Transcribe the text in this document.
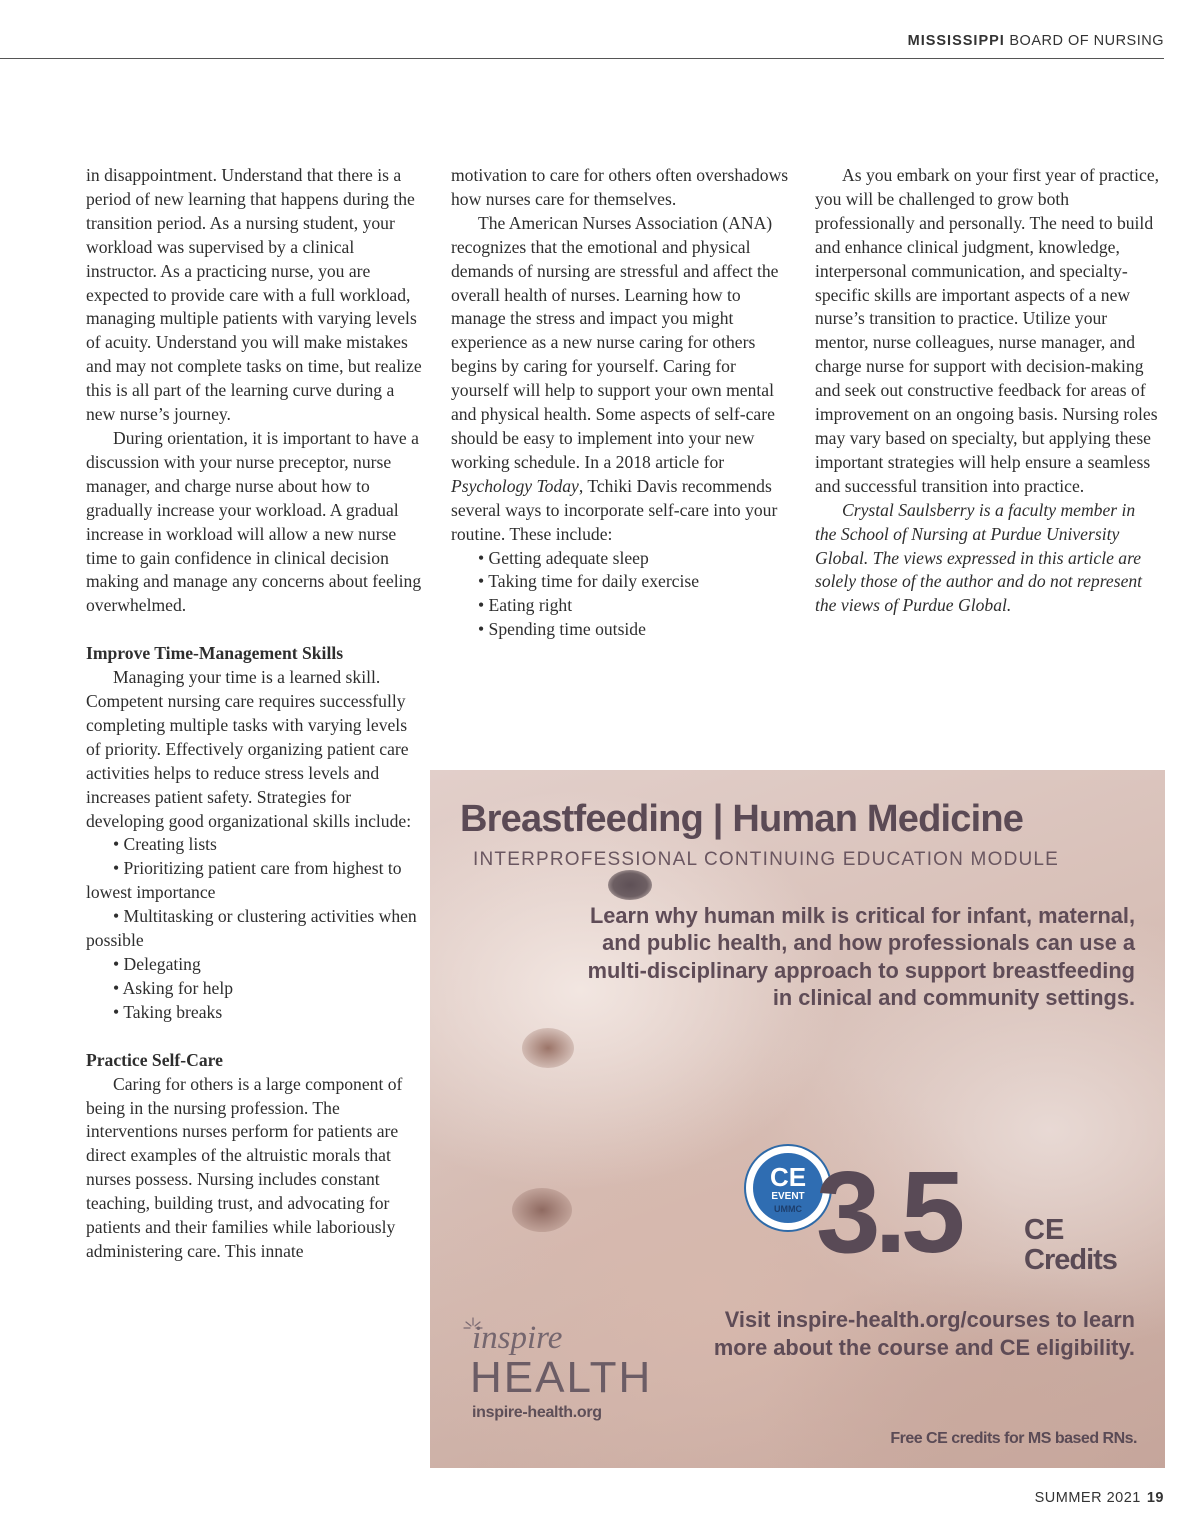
MISSISSIPPI BOARD OF NURSING

in disappointment. Understand that there is a period of new learning that happens during the transition period. As a nursing student, your workload was supervised by a clinical instructor. As a practicing nurse, you are expected to provide care with a full workload, managing multiple patients with varying levels of acuity. Understand you will make mistakes and may not complete tasks on time, but realize this is all part of the learning curve during a new nurse’s journey.

During orientation, it is important to have a discussion with your nurse preceptor, nurse manager, and charge nurse about how to gradually increase your workload. A gradual increase in workload will allow a new nurse time to gain confidence in clinical decision making and manage any concerns about feeling overwhelmed.

Improve Time-Management Skills

Managing your time is a learned skill. Competent nursing care requires successfully completing multiple tasks with varying levels of priority. Effectively organizing patient care activities helps to reduce stress levels and increases patient safety. Strategies for developing good organizational skills include:

• Creating lists

• Prioritizing patient care from highest to lowest importance

• Multitasking or clustering activities when possible

• Delegating

• Asking for help

• Taking breaks

Practice Self-Care

Caring for others is a large component of being in the nursing profession. The interventions nurses perform for patients are direct examples of the altruistic morals that nurses possess. Nursing includes constant teaching, building trust, and advocating for patients and their families while laboriously administering care. This innate

motivation to care for others often overshadows how nurses care for themselves.

The American Nurses Association (ANA) recognizes that the emotional and physical demands of nursing are stressful and affect the overall health of nurses. Learning how to manage the stress and impact you might experience as a new nurse caring for others begins by caring for yourself. Caring for yourself will help to support your own mental and physical health. Some aspects of self-care should be easy to implement into your new working schedule. In a 2018 article for Psychology Today, Tchiki Davis recommends several ways to incorporate self-care into your routine. These include:

• Getting adequate sleep

• Taking time for daily exercise

• Eating right

• Spending time outside

As you embark on your first year of practice, you will be challenged to grow both professionally and personally. The need to build and enhance clinical judgment, knowledge, interpersonal communication, and specialty- specific skills are important aspects of a new nurse’s transition to practice. Utilize your mentor, nurse colleagues, nurse manager, and charge nurse for support with decision-making and seek out constructive feedback for areas of improvement on an ongoing basis. Nursing roles may vary based on specialty, but applying these important strategies will help ensure a seamless and successful transition into practice.

Crystal Saulsberry is a faculty member in the School of Nursing at Purdue University Global. The views expressed in this article are solely those of the author and do not represent the views of Purdue Global.

Breastfeeding | Human Medicine
INTERPROFESSIONAL CONTINUING EDUCATION MODULE
Learn why human milk is critical for infant, maternal, and public health, and how professionals can use a multi-disciplinary approach to support breastfeeding in clinical and community settings.
CE
EVENT
UMMC 3.5 CE
Credits
Visit inspire-health.org/courses to learn more about the course and CE eligibility.
Free CE credits for MS based RNs.
inspire
HEALTH
inspire-health.org
SUMMER 2021 19
